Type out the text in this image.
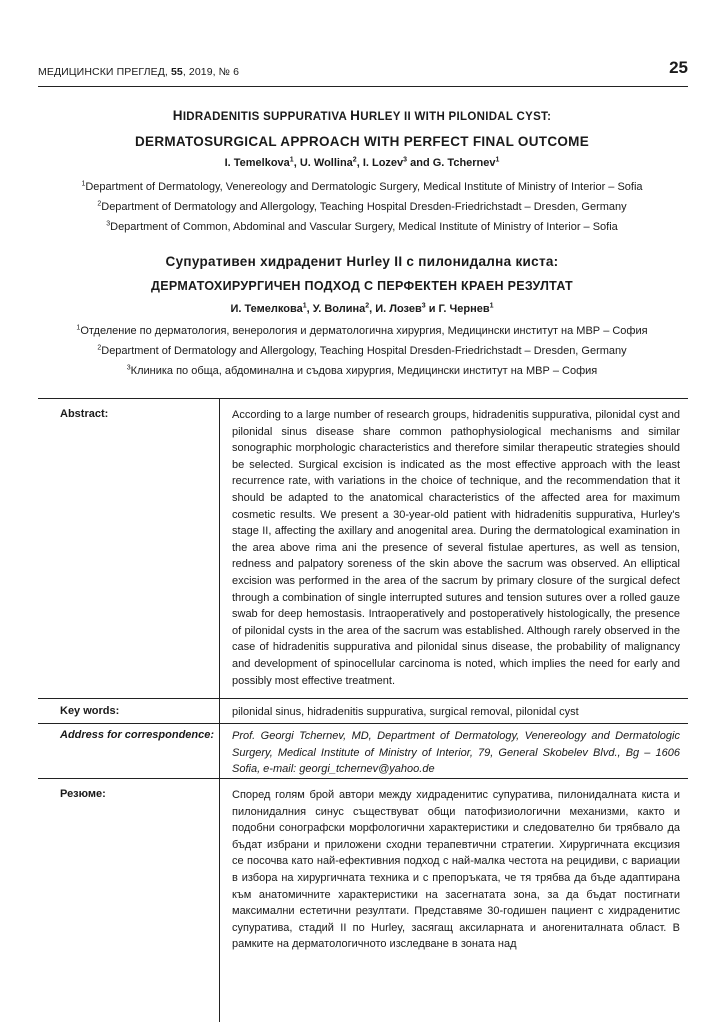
МЕДИЦИНСКИ ПРЕГЛЕД, 55, 2019, № 6	25
HIDRADENITIS SUPPURATIVA HURLEY II WITH PILONIDAL CYST:
DERMATOSURGICAL APPROACH WITH PERFECT FINAL OUTCOME
I. Temelkova$^1$, U. Wollina$^2$, I. Lozev$^3$ and G. Tchernev$^1$
$^1$Department of Dermatology, Venereology and Dermatologic Surgery, Medical Institute of Ministry of Interior – Sofia
$^2$Department of Dermatology and Allergology, Teaching Hospital Dresden-Friedrichstadt – Dresden, Germany
$^3$Department of Common, Abdominal and Vascular Surgery, Medical Institute of Ministry of Interior – Sofia
Супуративен хидраденит Hurley II с пилонидална киста:
ДЕРМАТОХИРУРГИЧЕН ПОДХОД С ПЕРФЕКТЕН КРАЕН РЕЗУЛТАТ
И. Темелкова$^1$, У. Волина$^2$, И. Лозев$^3$ и Г. Чернев$^1$
$^1$Отделение по дерматология, венерология и дерматологична хирургия, Медицински институт на МВР – София
$^2$Department of Dermatology and Allergology, Teaching Hospital Dresden-Friedrichstadt – Dresden, Germany
$^3$Клиника по обща, абдоминална и съдова хирургия, Медицински институт на МВР – София
Abstract:	According to a large number of research groups, hidradenitis suppurativa, pilonidal cyst and pilonidal sinus disease share common pathophysiological mechanisms and similar sonographic morphologic characteristics and therefore similar therapeutic strategies should be selected. Surgical excision is indicated as the most effective approach with the least recurrence rate, with variations in the choice of technique, and the recommendation that it should be adapted to the anatomical characteristics of the affected area for maximum cosmetic results. We present a 30-year-old patient with hidradenitis suppurativa, Hurley's stage II, affecting the axillary and anogenital area. During the dermatological examination in the area above rima ani the presence of several fistulae apertures, as well as tension, redness and palpatory soreness of the skin above the sacrum was observed. An elliptical excision was performed in the area of the sacrum by primary closure of the surgical defect through a combination of single interrupted sutures and tension sutures over a rolled gauze swab for deep hemostasis. Intraoperatively and postoperatively histologically, the presence of pilonidal cysts in the area of the sacrum was established. Although rarely observed in the case of hidradenitis suppurativa and pilonidal sinus disease, the probability of malignancy and development of spinocellular carcinoma is noted, which implies the need for early and possibly most effective treatment.
Key words:	pilonidal sinus, hidradenitis suppurativa, surgical removal, pilonidal cyst
Address for correspondence: Prof. Georgi Tchernev, MD, Department of Dermatology, Venereology and Dermatologic Surgery, Medical Institute of Ministry of Interior, 79, General Skobelev Blvd., Bg – 1606 Sofia, e-mail: georgi_tchernev@yahoo.de
Резюме:	Според голям брой автори между хидраденитис супуратива, пилонидалната киста и пилонидалния синус съществуват общи патофизиологични механизми, както и подобни сонографски морфологични характеристики и следователно би трябвало да бъдат избрани и приложени сходни терапевтични стратегии. Хирургичната ексцизия се посочва като най-ефективния подход с най-малка честота на рецидиви, с вариации в избора на хирургичната техника и с препоръката, че тя трябва да бъде адаптирана към анатомичните характеристики на засегнатата зона, за да бъдат постигнати максимални естетични резултати. Представяме 30-годишен пациент с хидраденитис супуратива, стадий II по Hurley, засягащ аксиларната и аногениталната област. В рамките на дерматологичното изследване в зоната над
